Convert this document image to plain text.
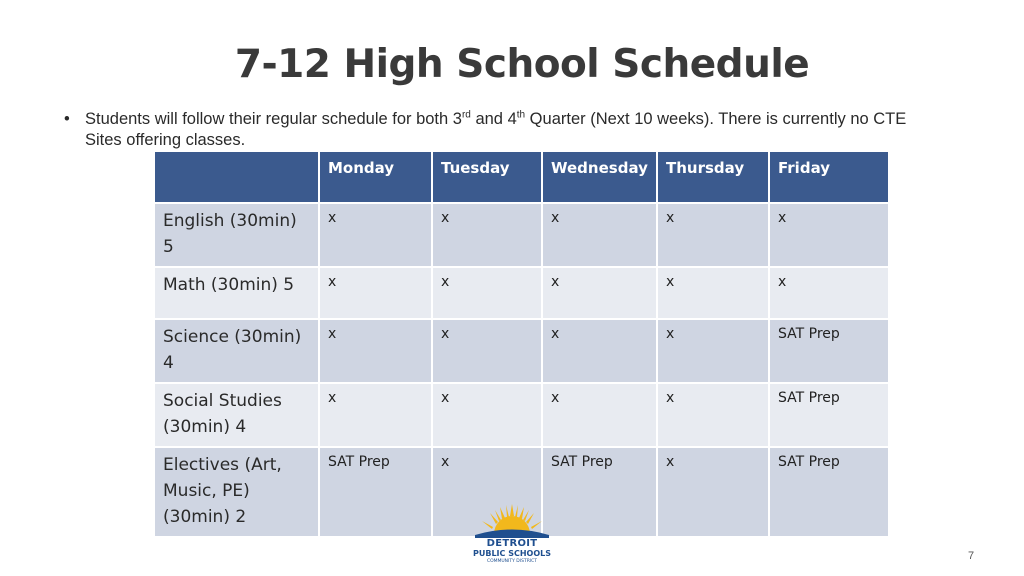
7-12 High School Schedule
• Students will follow their regular schedule for both 3rd and 4th Quarter (Next 10 weeks). There is currently no CTE Sites offering classes.
	Monday	Tuesday	Wednesday	Thursday	Friday
English (30min) 5	x	x	x	x	x
Math (30min) 5	x	x	x	x	x
Science (30min) 4	x	x	x	x	SAT Prep
Social Studies (30min) 4	x	x	x	x	SAT Prep
Electives (Art, Music, PE) (30min) 2	SAT Prep	x	SAT Prep	x	SAT Prep
DETROIT
PUBLIC SCHOOLS
COMMUNITY DISTRICT	7
